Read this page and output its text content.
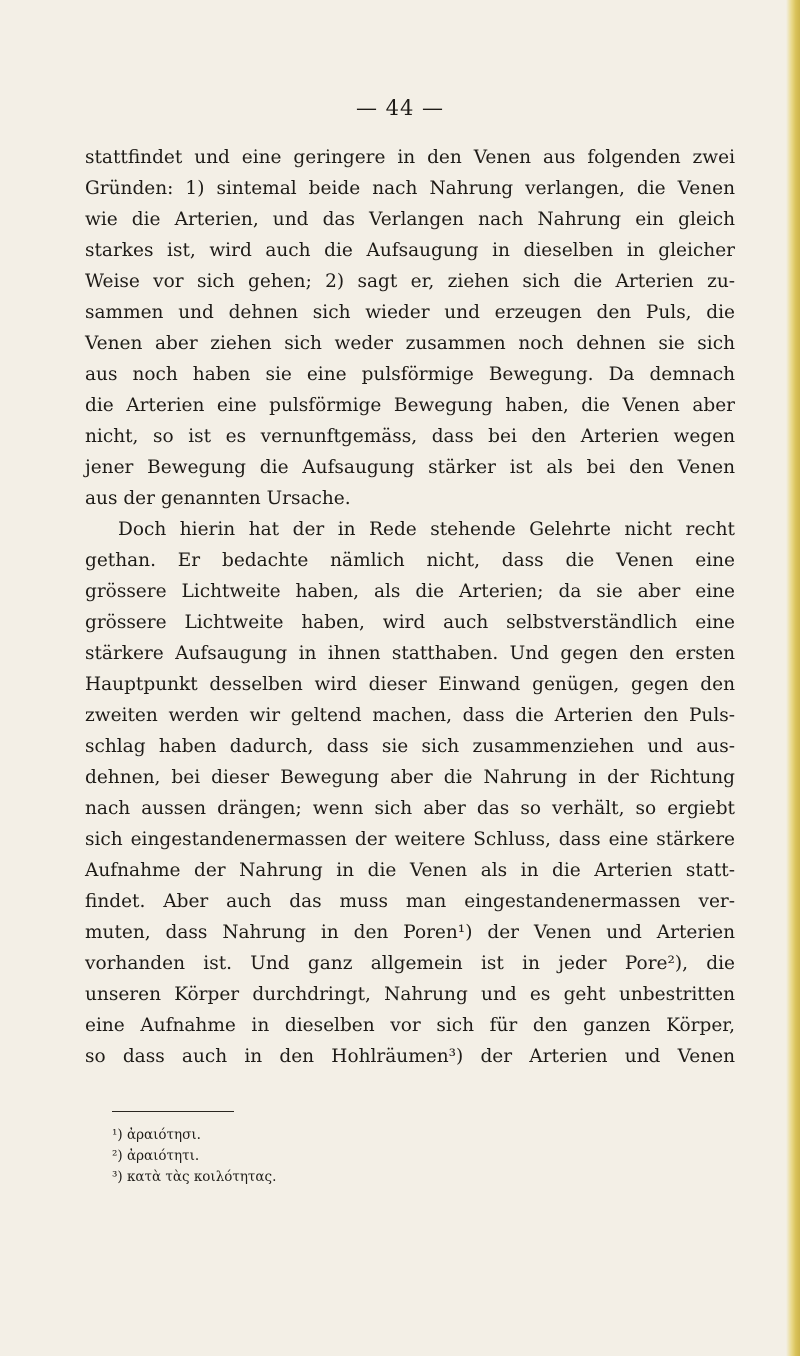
— 44 —
stattfindet und eine geringere in den Venen aus folgenden zwei
Gründen: 1) sintemal beide nach Nahrung verlangen, die Venen
wie die Arterien, und das Verlangen nach Nahrung ein gleich
starkes ist, wird auch die Aufsaugung in dieselben in gleicher
Weise vor sich gehen; 2) sagt er, ziehen sich die Arterien zu-
sammen und dehnen sich wieder und erzeugen den Puls, die
Venen aber ziehen sich weder zusammen noch dehnen sie sich
aus noch haben sie eine pulsförmige Bewegung. Da demnach
die Arterien eine pulsförmige Bewegung haben, die Venen aber
nicht, so ist es vernunftgemäss, dass bei den Arterien wegen
jener Bewegung die Aufsaugung stärker ist als bei den Venen
aus der genannten Ursache.
Doch hierin hat der in Rede stehende Gelehrte nicht recht
gethan. Er bedachte nämlich nicht, dass die Venen eine
grössere Lichtweite haben, als die Arterien; da sie aber eine
grössere Lichtweite haben, wird auch selbstverständlich eine
stärkere Aufsaugung in ihnen statthaben. Und gegen den ersten
Hauptpunkt desselben wird dieser Einwand genügen, gegen den
zweiten werden wir geltend machen, dass die Arterien den Puls-
schlag haben dadurch, dass sie sich zusammenziehen und aus-
dehnen, bei dieser Bewegung aber die Nahrung in der Richtung
nach aussen drängen; wenn sich aber das so verhält, so ergiebt
sich eingestandenermassen der weitere Schluss, dass eine stärkere
Aufnahme der Nahrung in die Venen als in die Arterien statt-
findet. Aber auch das muss man eingestandenermassen ver-
muten, dass Nahrung in den Poren¹) der Venen und Arterien
vorhanden ist. Und ganz allgemein ist in jeder Pore²), die
unseren Körper durchdringt, Nahrung und es geht unbestritten
eine Aufnahme in dieselben vor sich für den ganzen Körper,
so dass auch in den Hohlräumen³) der Arterien und Venen
¹) ἀραιότησι.
²) ἀραιότητι.
³) κατὰ τὰς κοιλότητας.
